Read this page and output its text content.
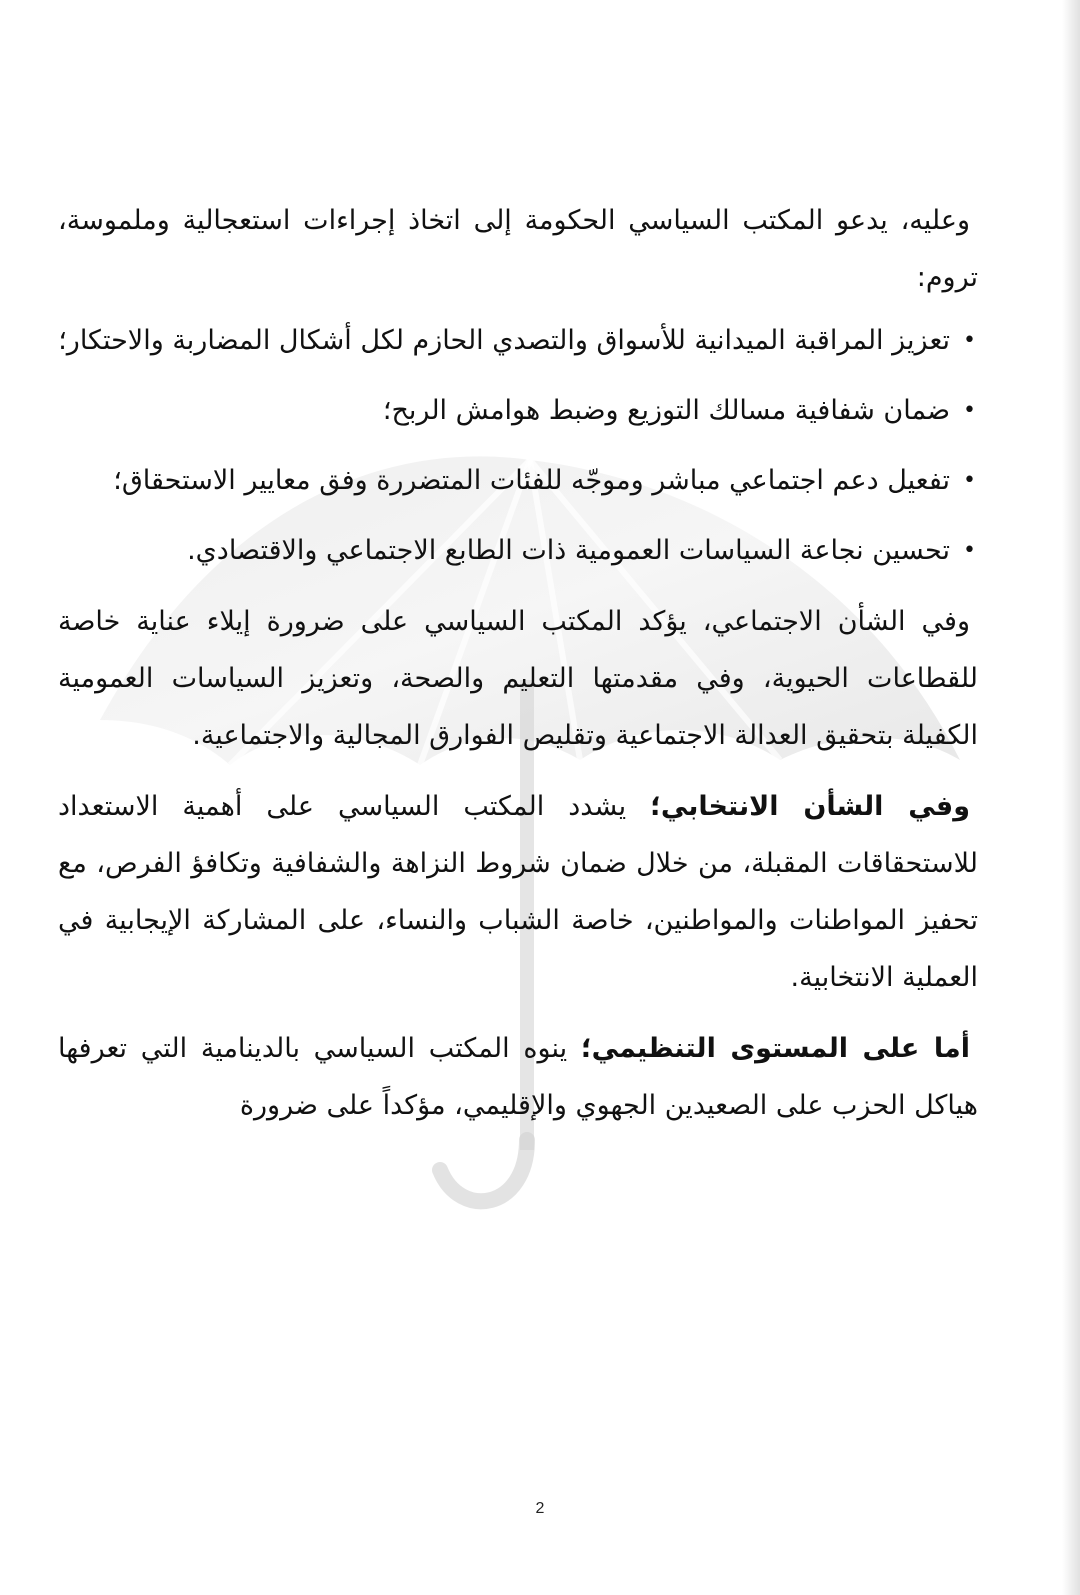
وعليه، يدعو المكتب السياسي الحكومة إلى اتخاذ إجراءات استعجالية وملموسة، تروم:

•
تعزيز المراقبة الميدانية للأسواق والتصدي الحازم لكل أشكال المضاربة والاحتكار؛
•
ضمان شفافية مسالك التوزيع وضبط هوامش الربح؛
•
تفعيل دعم اجتماعي مباشر وموجّه للفئات المتضررة وفق معايير الاستحقاق؛
•
تحسين نجاعة السياسات العمومية ذات الطابع الاجتماعي والاقتصادي.

وفي الشأن الاجتماعي، يؤكد المكتب السياسي على ضرورة إيلاء عناية خاصة للقطاعات الحيوية، وفي مقدمتها التعليم والصحة، وتعزيز السياسات العمومية الكفيلة بتحقيق العدالة الاجتماعية وتقليص الفوارق المجالية والاجتماعية.

وفي الشأن الانتخابي؛ يشدد المكتب السياسي على أهمية الاستعداد للاستحقاقات المقبلة، من خلال ضمان شروط النزاهة والشفافية وتكافؤ الفرص، مع تحفيز المواطنات والمواطنين، خاصة الشباب والنساء، على المشاركة الإيجابية في العملية الانتخابية.

أما على المستوى التنظيمي؛ ينوه المكتب السياسي بالدينامية التي تعرفها هياكل الحزب على الصعيدين الجهوي والإقليمي، مؤكداً على ضرورة

2
